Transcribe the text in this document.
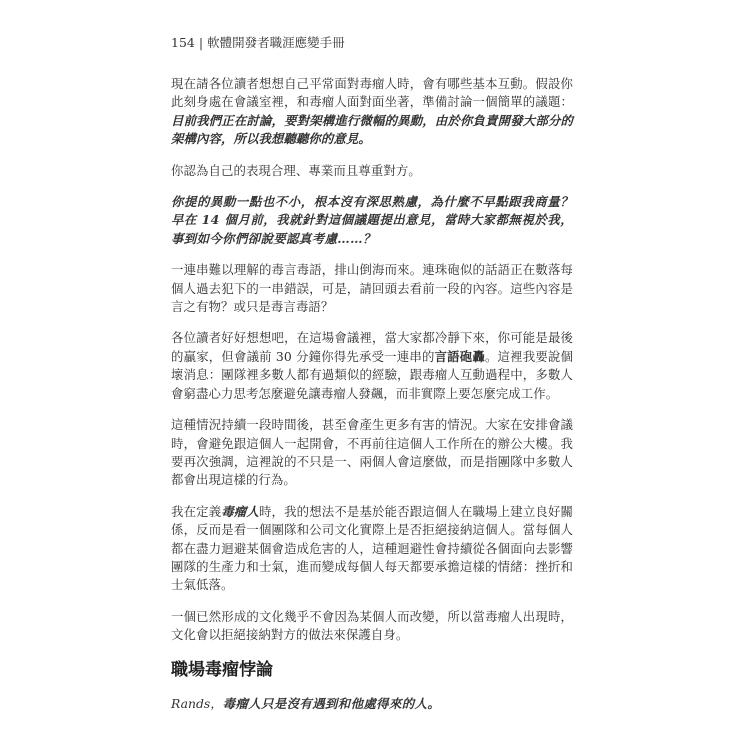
154 | 軟體開發者職涯應變手冊

現在請各位讀者想想自己平常面對毒瘤人時，會有哪些基本互動。假設你此刻身處在會議室裡，和毒瘤人面對面坐著，準備討論一個簡單的議題：目前我們正在討論，要對架構進行微幅的異動，由於你負責開發大部分的架構內容，所以我想聽聽你的意見。

你認為自己的表現合理、專業而且尊重對方。

你提的異動一點也不小，根本沒有深思熟慮，為什麼不早點跟我商量？早在 14 個月前，我就針對這個議題提出意見，當時大家都無視於我，事到如今你們卻說要認真考慮……？

一連串難以理解的毒言毒語，排山倒海而來。連珠砲似的話語正在數落每個人過去犯下的一串錯誤，可是，請回頭去看前一段的內容。這些內容是言之有物？或只是毒言毒語？

各位讀者好好想想吧，在這場會議裡，當大家都冷靜下來，你可能是最後的贏家，但會議前 30 分鐘你得先承受一連串的言語砲轟。這裡我要說個壞消息：團隊裡多數人都有過類似的經驗，跟毒瘤人互動過程中，多數人會窮盡心力思考怎麼避免讓毒瘤人發飆，而非實際上要怎麼完成工作。

這種情況持續一段時間後，甚至會產生更多有害的情況。大家在安排會議時，會避免跟這個人一起開會，不再前往這個人工作所在的辦公大樓。我要再次強調，這裡說的不只是一、兩個人會這麼做，而是指團隊中多數人都會出現這樣的行為。

我在定義毒瘤人時，我的想法不是基於能否跟這個人在職場上建立良好關係，反而是看一個團隊和公司文化實際上是否拒絕接納這個人。當每個人都在盡力迴避某個會造成危害的人，這種迴避性會持續從各個面向去影響團隊的生產力和士氣，進而變成每個人每天都要承擔這樣的情緒：挫折和士氣低落。

一個已然形成的文化幾乎不會因為某個人而改變，所以當毒瘤人出現時，文化會以拒絕接納對方的做法來保護自身。

職場毒瘤悖論
Rands，毒瘤人只是沒有遇到和他處得來的人。
